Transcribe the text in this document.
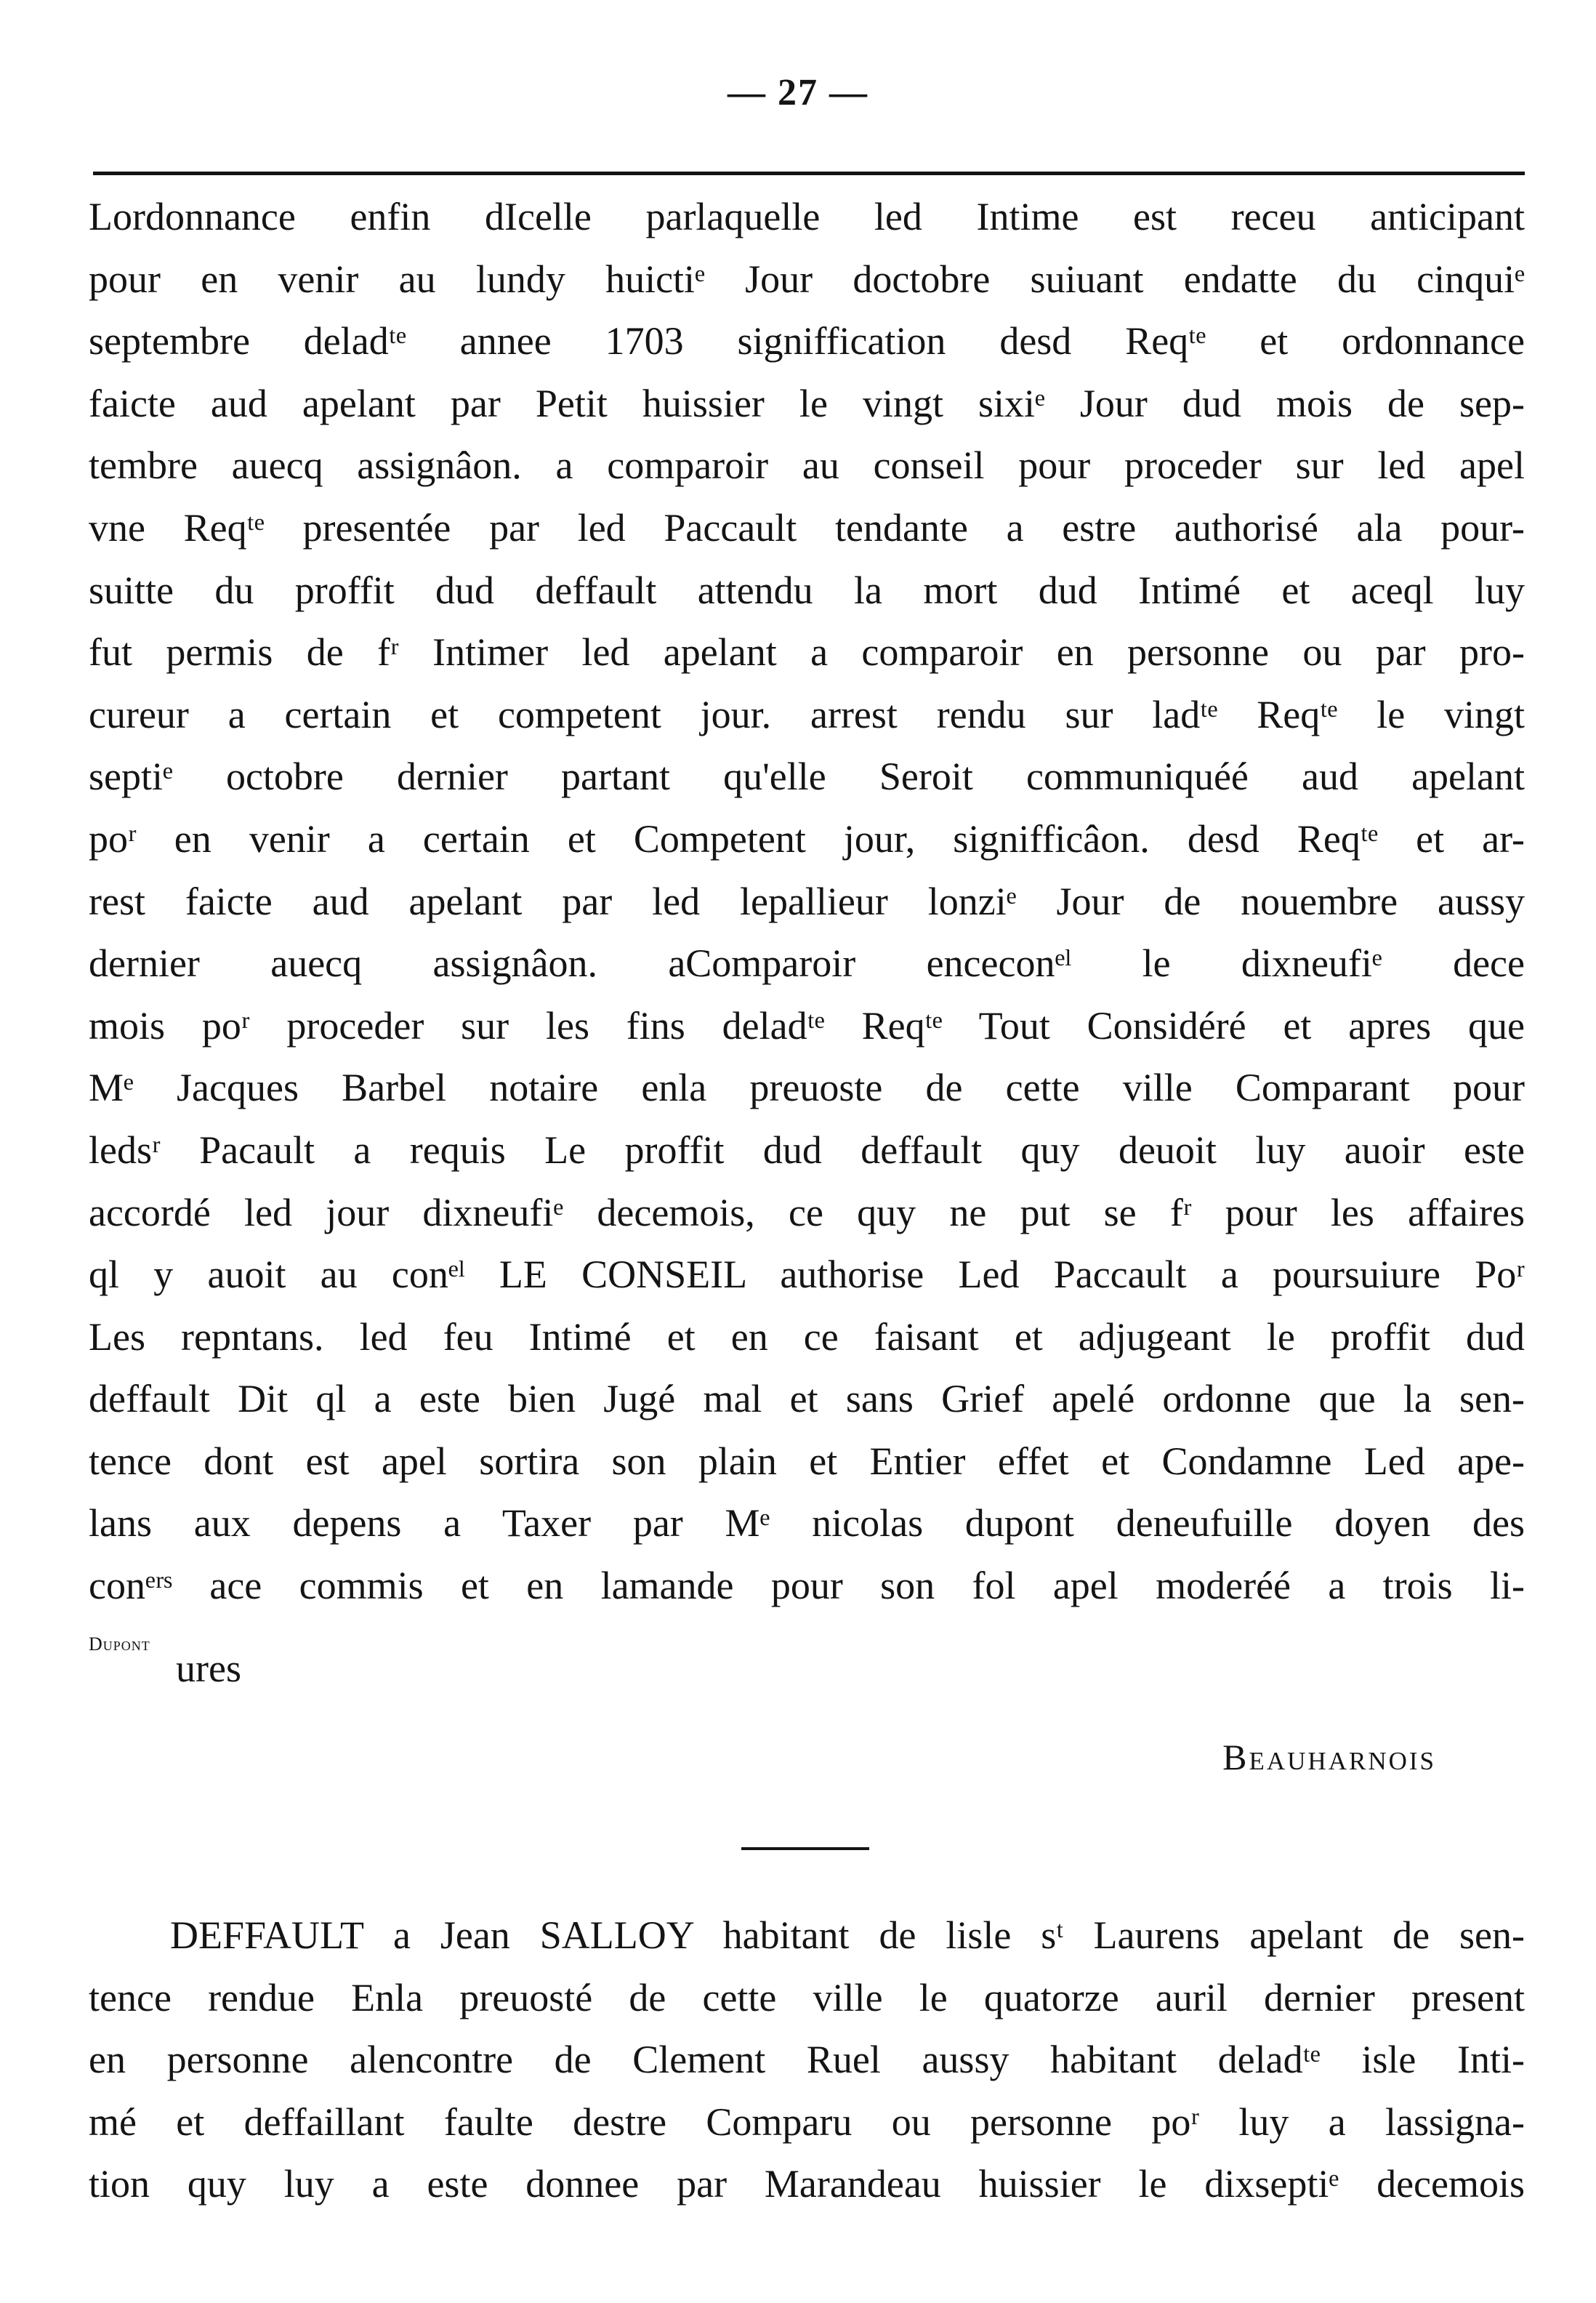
— 27 —
Lordonnance enfin dIcelle parlaquelle led Intime est receu anticipant
pour en venir au lundy huictiᵉ Jour doctobre suiuant endatte du cinquiᵉ
septembre deladᵗᵉ annee 1703 signiffication desd Reqᵗᵉ et ordonnance
faicte aud apelant par Petit huissier le vingt sixiᵉ Jour dud mois de sep-
tembre auecq assignâon. a comparoir au conseil pour proceder sur led apel
vne Reqᵗᵉ presentée par led Paccault tendante a estre authorisé ala pour-
suitte du proffit dud deffault attendu la mort dud Intimé et aceql luy
fut permis de fʳ Intimer led apelant a comparoir en personne ou par pro-
cureur a certain et competent jour. arrest rendu sur ladᵗᵉ Reqᵗᵉ le vingt
septiᵉ octobre dernier partant qu'elle Seroit communiquéé aud apelant
poʳ en venir a certain et Competent jour, signifficâon. desd Reqᵗᵉ et ar-
rest faicte aud apelant par led lepallieur lonziᵉ Jour de nouembre aussy
dernier auecq assignâon. aComparoir enceconᵉˡ le dixneufiᵉ dece
mois poʳ proceder sur les fins deladᵗᵉ Reqᵗᵉ Tout Considéré et apres que
Mᵉ Jacques Barbel notaire enla preuoste de cette ville Comparant pour
ledsʳ Pacault a requis Le proffit dud deffault quy deuoit luy auoir este
accordé led jour dixneufiᵉ decemois, ce quy ne put se fʳ pour les affaires
ql y auoit au conᵉˡ LE CONSEIL authorise Led Paccault a poursuiure Poʳ
Les repntans. led feu Intimé et en ce faisant et adjugeant le proffit dud
deffault Dit ql a este bien Jugé mal et sans Grief apelé ordonne que la sen-
tence dont est apel sortira son plain et Entier effet et Condamne Led ape-
lans aux depens a Taxer par Mᵉ nicolas dupont deneufuille doyen des
conᵉʳˢ ace commis et en lamande pour son fol apel moderéé a trois li-
Dupont
ures
Beauharnois
DEFFAULT a Jean SALLOY habitant de lisle sᵗ Laurens apelant de sen-
tence rendue Enla preuosté de cette ville le quatorze auril dernier present
en personne alencontre de Clement Ruel aussy habitant deladᵗᵉ isle Inti-
mé et deffaillant faulte destre Comparu ou personne poʳ luy a lassigna-
tion quy luy a este donnee par Marandeau huissier le dixseptiᵉ decemois
